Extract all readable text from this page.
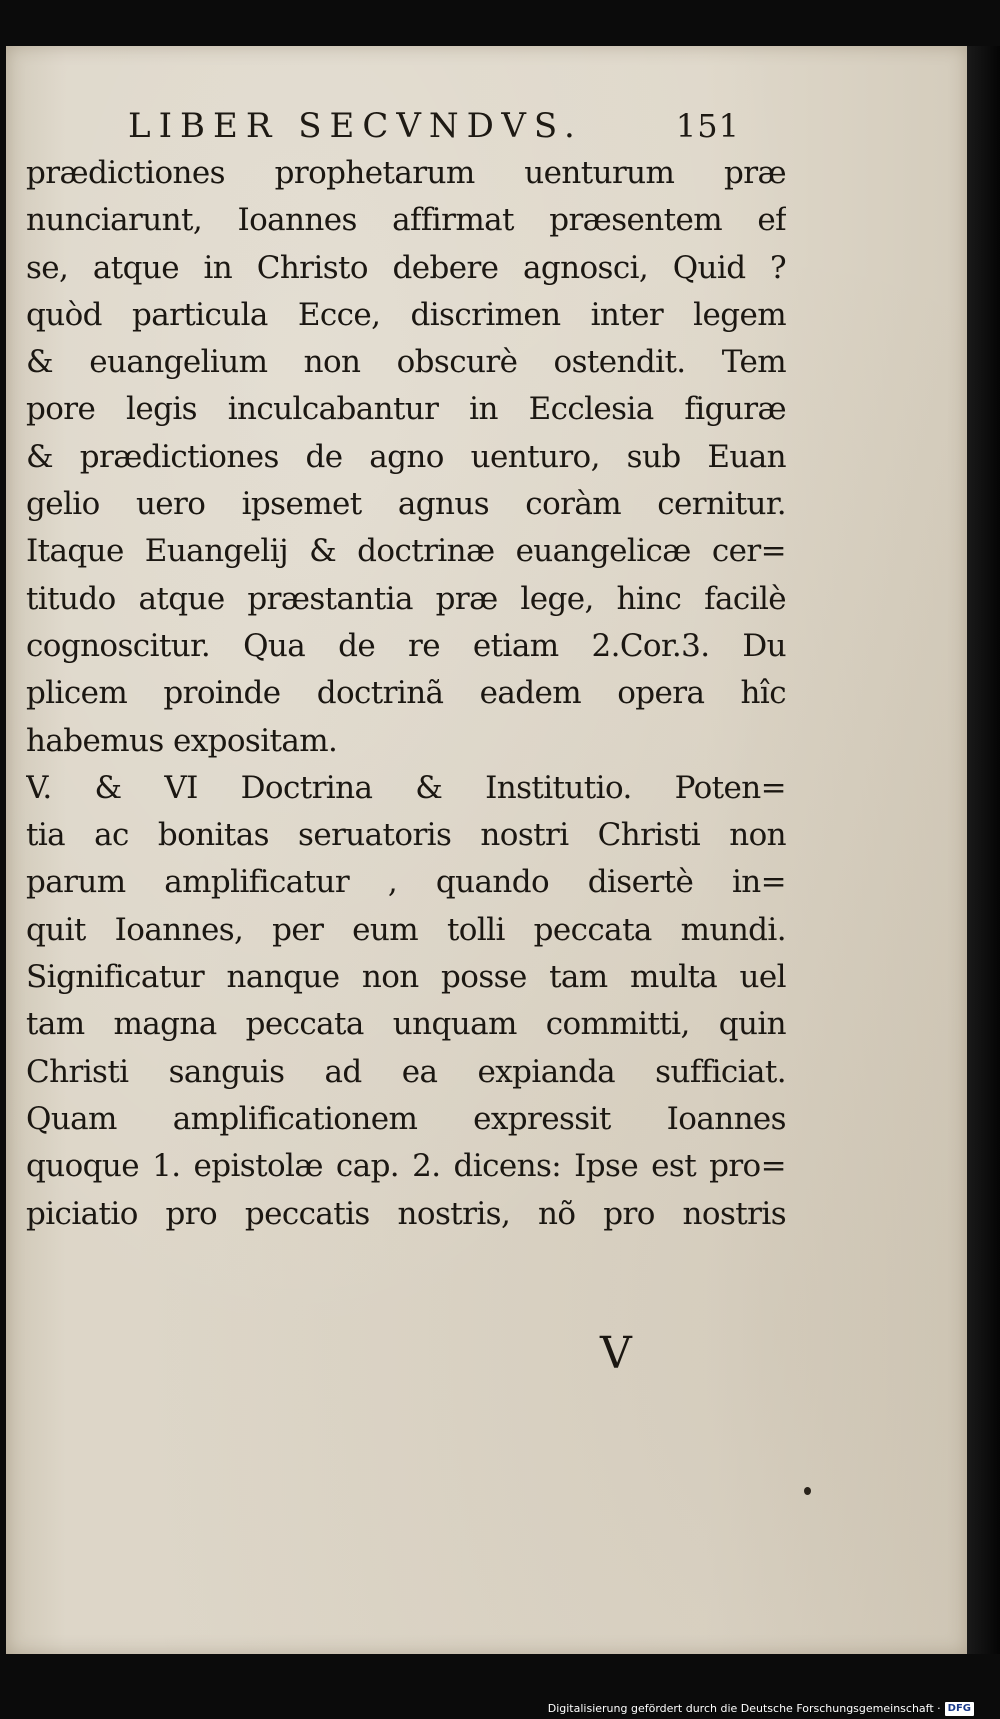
LIBER SECVNDVS.	151
prædictiones prophetarum uenturum præ
nunciarunt, Ioannes affirmat præsentem ef
se, atque in Christo debere agnosci, Quid ?
quòd particula Ecce, discrimen inter legem
& euangelium non obscurè ostendit. Tem
pore legis inculcabantur in Ecclesia figuræ
& prædictiones de agno uenturo, sub Euan
gelio uero ipsemet agnus coràm cernitur.
Itaque Euangelij & doctrinæ euangelicæ cer=
titudo atque præstantia præ lege, hinc facilè
cognoscitur. Qua de re etiam 2.Cor.3. Du
plicem proinde doctrinã eadem opera hîc
habemus expositam.
V. & VI Doctrina & Institutio. Poten=
tia ac bonitas seruatoris nostri Christi non
parum amplificatur , quando disertè in=
quit Ioannes, per eum tolli peccata mundi.
Significatur nanque non posse tam multa uel
tam magna peccata unquam committi, quin
Christi sanguis ad ea expianda sufficiat.
Quam amplificationem expressit Ioannes
quoque 1. epistolæ cap. 2. dicens: Ipse est pro=
piciatio pro peccatis nostris, nõ pro nostris
V
Digitalisierung gefördert durch die Deutsche Forschungsgemeinschaft · DFG
